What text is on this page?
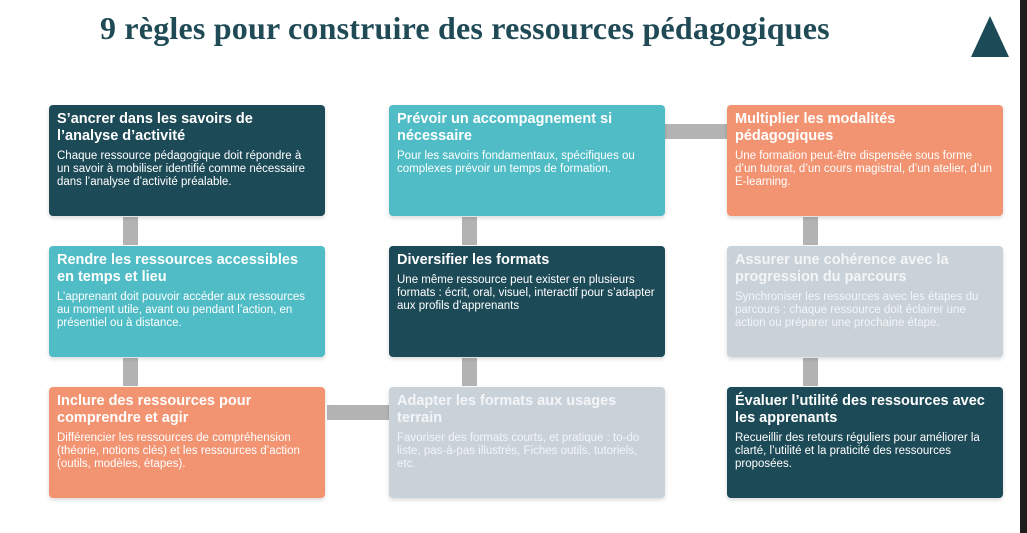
9 règles pour construire des ressources pédagogiques
S’ancrer dans les savoirs de l’analyse d’activité
Chaque ressource pédagogique doit répondre à un savoir à mobiliser identifié comme nécessaire dans l’analyse d’activité préalable.
Rendre les ressources accessibles en temps et lieu
L’apprenant doit pouvoir accéder aux ressources au moment utile, avant ou pendant l’action, en présentiel ou à distance.
Inclure des ressources pour comprendre et agir
Différencier les ressources de compréhension (théorie, notions clés) et les ressources d’action (outils, modèles, étapes).
Prévoir un accompagnement si nécessaire
Pour les savoirs fondamentaux, spécifiques ou complexes prévoir un temps de formation.
Diversifier les formats
Une même ressource peut exister en plusieurs formats : écrit, oral, visuel, interactif pour s’adapter aux profils d’apprenants
Adapter les formats aux usages terrain
Favoriser des formats courts, et pratique : to-do liste, pas-à-pas illustrés, Fiches outils, tutoriels, etc.
Multiplier les modalités pédagogiques
Une formation peut-être dispensée sous forme d’un tutorat, d’un cours magistral, d’un atelier, d’un E-learning.
Assurer une cohérence avec la progression du parcours
Synchroniser les ressources avec les étapes du parcours : chaque ressource doit éclairer une action ou préparer une prochaine étape.
Évaluer l’utilité des ressources avec les apprenants
Recueillir des retours réguliers pour améliorer la clarté, l’utilité et la praticité des ressources proposées.
